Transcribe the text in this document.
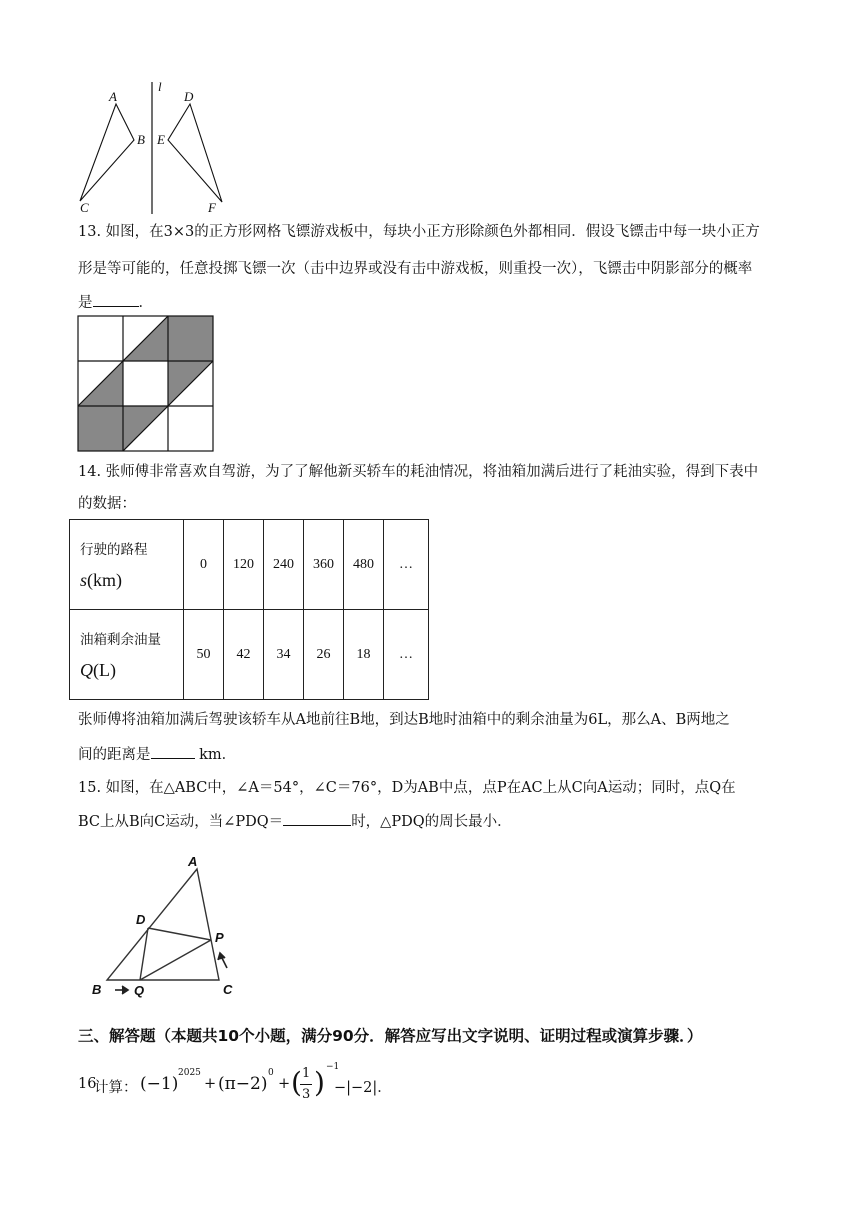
l
A
B
C
D
E
F
13. 如图，在3×3的正方形网格飞镖游戏板中，每块小正方形除颜色外都相同．假设飞镖击中每一块小正方
形是等可能的，任意投掷飞镖一次（击中边界或没有击中游戏板，则重投一次），飞镖击中阴影部分的概率
是	．
14. 张师傅非常喜欢自驾游，为了了解他新买轿车的耗油情况，将油箱加满后进行了耗油实验，得到下表中
的数据：
行驶的路程
s(km)	0	120	240	360	480	…

油箱剩余油量
Q(L)	50	42	34	26	18	…
张师傅将油箱加满后驾驶该轿车从A地前往B地，到达B地时油箱中的剩余油量为6L，那么A、B两地之
间的距离是	km．
15. 如图，在△ABC中，∠A＝54°，∠C＝76°，D为AB中点，点P在AC上从C向A运动；同时，点Q在
BC上从B向C运动，当∠PDQ＝	时，△PDQ的周长最小．
A
D
P
B	Q	C
三、解答题（本题共10个小题，满分90分．解答应写出文字说明、证明过程或演算步骤．）
16
计算： (−1)
2025
+ (π−2)
0
+ ( 1
3 ) −1
−|−2|．
